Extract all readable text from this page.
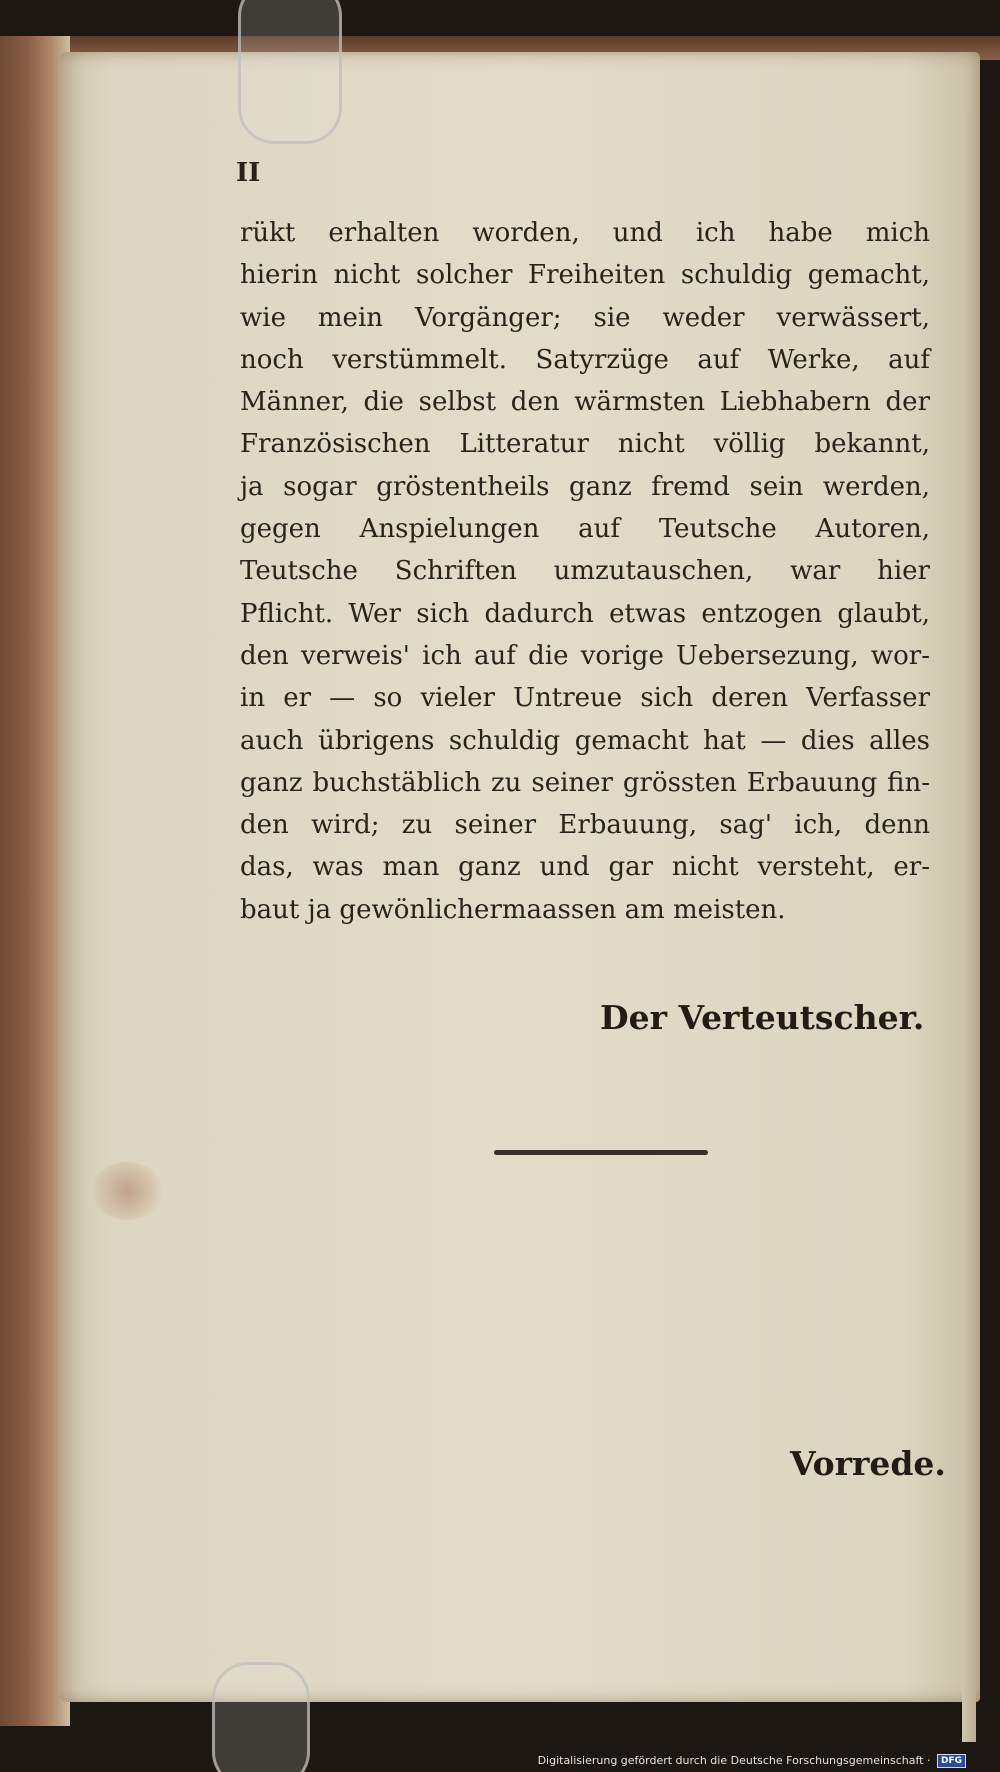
II
rükt erhalten worden, und ich habe mich
hierin nicht solcher Freiheiten schuldig gemacht,
wie mein Vorgänger; sie weder verwässert,
noch verstümmelt. Satyrzüge auf Werke, auf
Männer, die selbst den wärmsten Liebhabern der
Französischen Litteratur nicht völlig bekannt,
ja sogar gröstentheils ganz fremd sein werden,
gegen Anspielungen auf Teutsche Autoren,
Teutsche Schriften umzutauschen, war hier
Pflicht. Wer sich dadurch etwas entzogen glaubt,
den verweis' ich auf die vorige Uebersezung, wor-
in er — so vieler Untreue sich deren Verfasser
auch übrigens schuldig gemacht hat — dies alles
ganz buchstäblich zu seiner grössten Erbauung fin-
den wird; zu seiner Erbauung, sag' ich, denn
das, was man ganz und gar nicht versteht, er-
baut ja gewönlichermaassen am meisten.
Der Verteutscher.
Vorrede.
Digitalisierung gefördert durch die Deutsche Forschungsgemeinschaft · DFG
